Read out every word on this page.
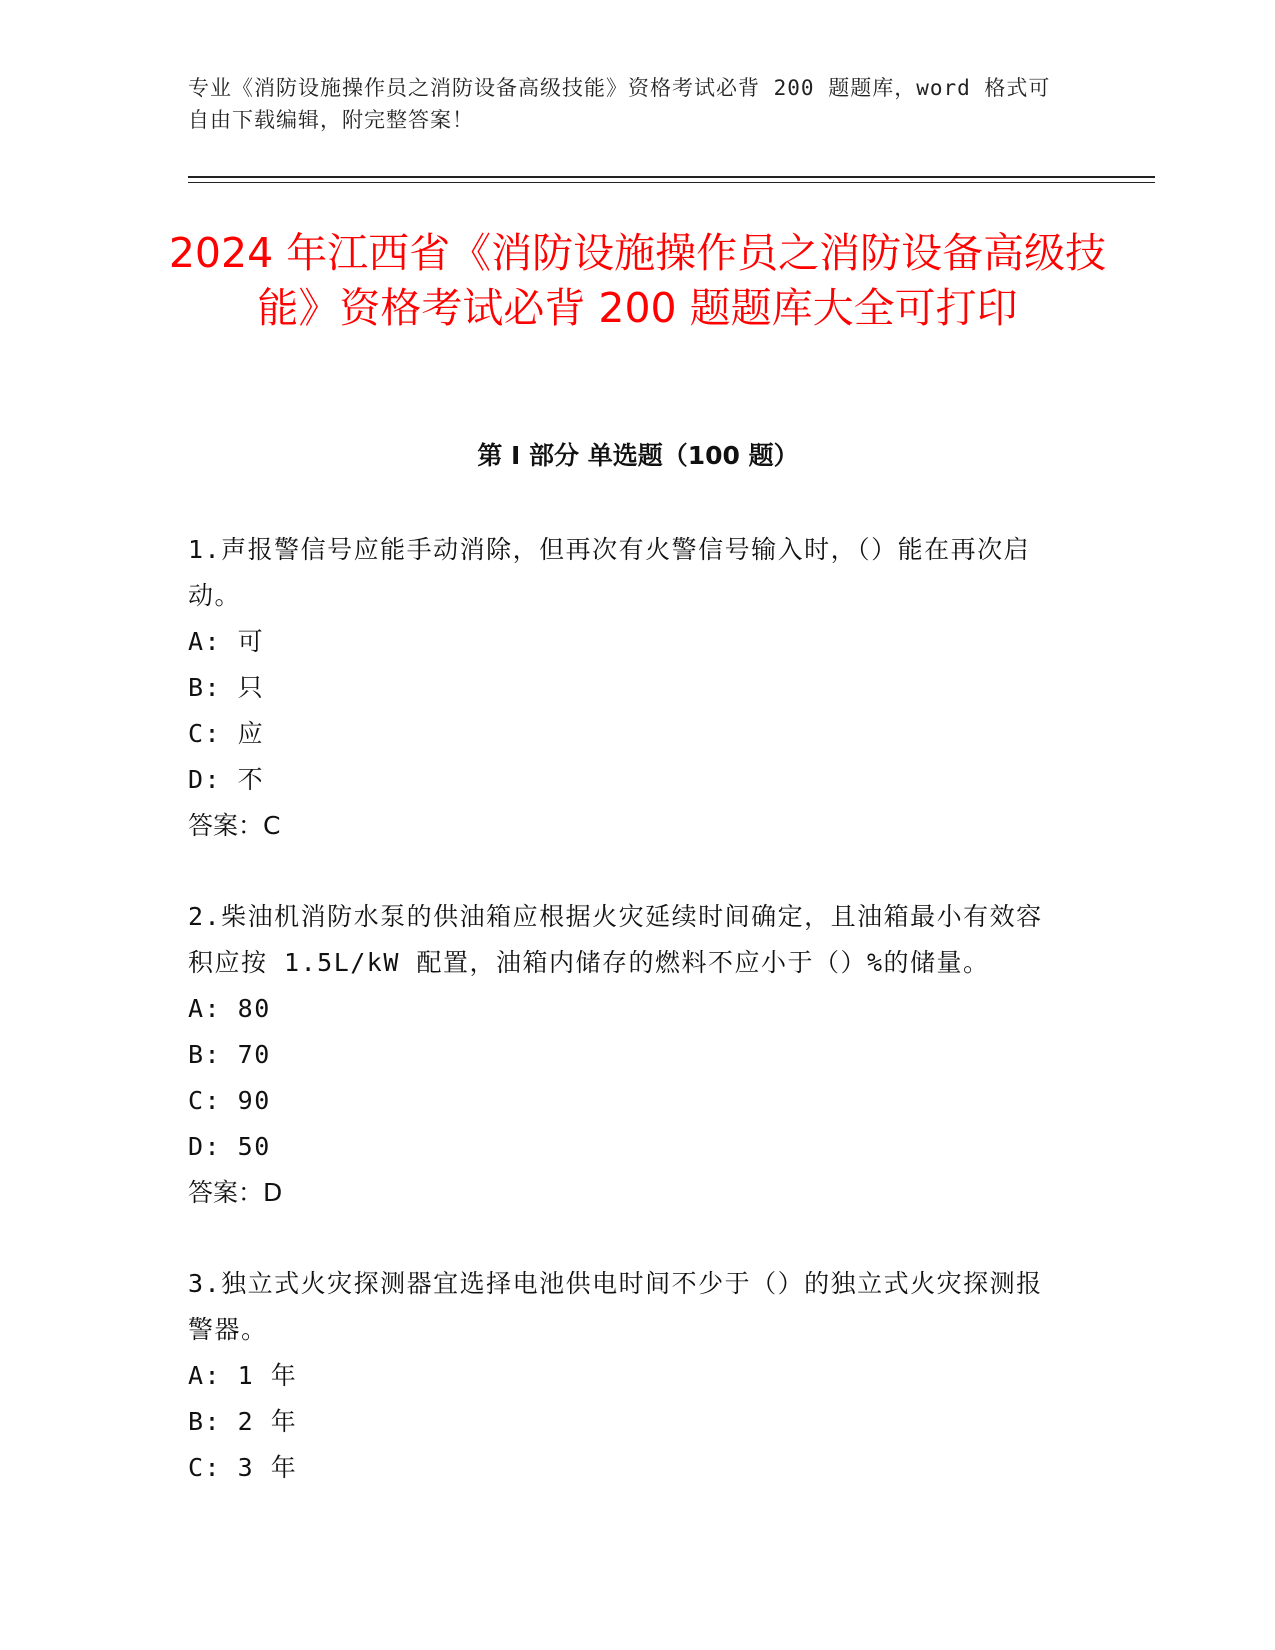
专业《消防设施操作员之消防设备高级技能》资格考试必背 200 题题库，word 格式可自由下载编辑，附完整答案！
2024 年江西省《消防设施操作员之消防设备高级技能》资格考试必背 200 题题库大全可打印
第 I 部分 单选题（100 题）

1.声报警信号应能手动消除，但再次有火警信号输入时，（）能在再次启动。

A: 可
B: 只
C: 应
D: 不
答案：C

2.柴油机消防水泵的供油箱应根据火灾延续时间确定，且油箱最小有效容积应按 1.5L/kW 配置，油箱内储存的燃料不应小于（）%的储量。

A: 80
B: 70
C: 90
D: 50
答案：D

3.独立式火灾探测器宜选择电池供电时间不少于（）的独立式火灾探测报警器。

A: 1 年
B: 2 年
C: 3 年
